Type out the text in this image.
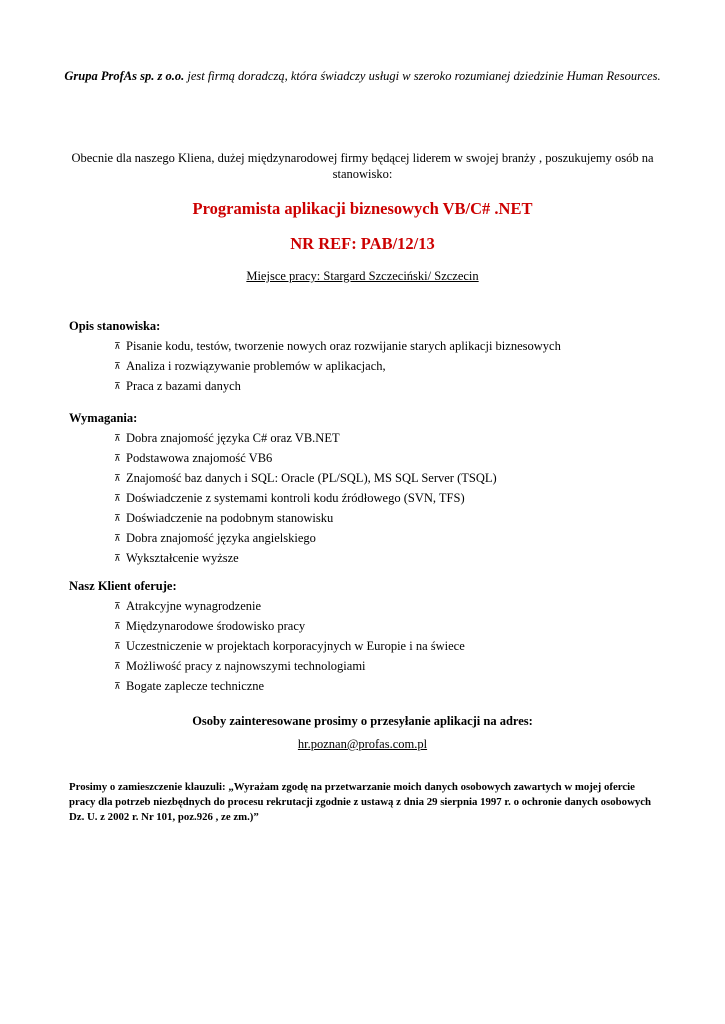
Grupa ProfAs sp. z o.o. jest firmą doradczą, która świadczy usługi w szeroko rozumianej dziedzinie Human Resources.
Obecnie dla naszego Kliena, dużej międzynarodowej firmy będącej liderem w swojej branży , poszukujemy osób na stanowisko:
Programista aplikacji biznesowych VB/C# .NET
NR REF: PAB/12/13
Miejsce pracy: Stargard Szczeciński/ Szczecin
Opis stanowiska:
⊼ Pisanie kodu, testów, tworzenie nowych oraz rozwijanie starych aplikacji biznesowych
⊼ Analiza i rozwiązywanie problemów w aplikacjach,
⊼ Praca z bazami danych
Wymagania:
⊼ Dobra znajomość języka C# oraz VB.NET
⊼ Podstawowa znajomość VB6
⊼ Znajomość baz danych i SQL: Oracle (PL/SQL), MS SQL Server (TSQL)
⊼ Doświadczenie z systemami kontroli kodu źródłowego (SVN, TFS)
⊼ Doświadczenie na podobnym stanowisku
⊼ Dobra znajomość języka angielskiego
⊼ Wykształcenie wyższe
Nasz Klient oferuje:
⊼ Atrakcyjne wynagrodzenie
⊼ Międzynarodowe środowisko pracy
⊼ Uczestniczenie w projektach korporacyjnych w Europie i na świece
⊼ Możliwość pracy z najnowszymi technologiami
⊼ Bogate zaplecze techniczne
Osoby zainteresowane prosimy o przesyłanie aplikacji na adres:
hr.poznan@profas.com.pl
Prosimy o zamieszczenie klauzuli: „Wyrażam zgodę na przetwarzanie moich danych osobowych zawartych w mojej ofercie pracy dla potrzeb niezbędnych do procesu rekrutacji zgodnie z ustawą z dnia 29 sierpnia 1997 r. o ochronie danych osobowych Dz. U. z 2002 r. Nr 101, poz.926 , ze zm.)”
